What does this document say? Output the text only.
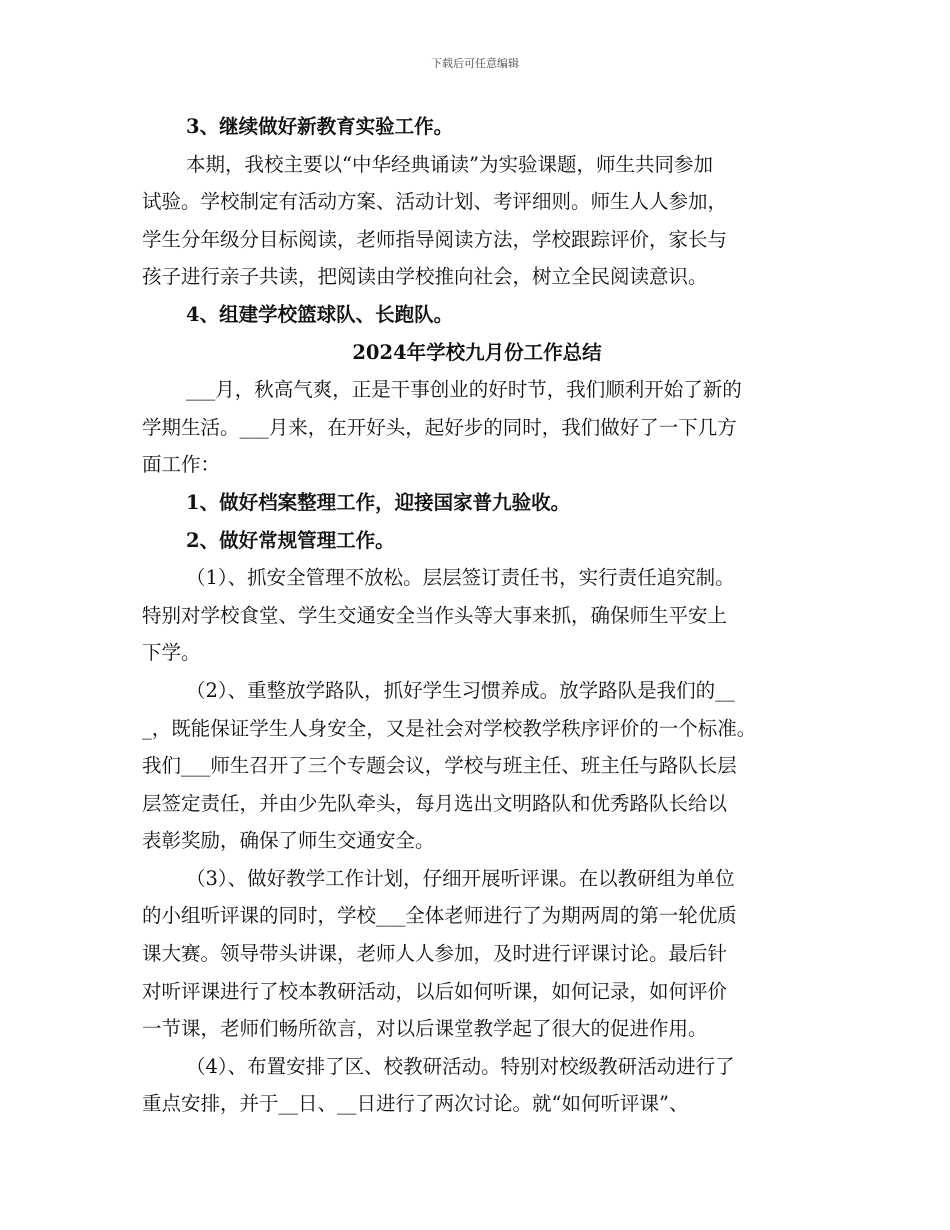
下载后可任意编辑
3、继续做好新教育实验工作。
本期，我校主要以“中华经典诵读”为实验课题，师生共同参加
试验。学校制定有活动方案、活动计划、考评细则。师生人人参加，
学生分年级分目标阅读，老师指导阅读方法，学校跟踪评价，家长与
孩子进行亲子共读，把阅读由学校推向社会，树立全民阅读意识。
4、组建学校篮球队、长跑队。
2024年学校九月份工作总结
___月，秋高气爽，正是干事创业的好时节，我们顺利开始了新的
学期生活。___月来，在开好头，起好步的同时，我们做好了一下几方
面工作：
1、做好档案整理工作，迎接国家普九验收。
2、做好常规管理工作。
（1）、抓安全管理不放松。层层签订责任书，实行责任追究制。
特别对学校食堂、学生交通安全当作头等大事来抓，确保师生平安上
下学。
（2）、重整放学路队，抓好学生习惯养成。放学路队是我们的__
_，既能保证学生人身安全，又是社会对学校教学秩序评价的一个标准。
我们___师生召开了三个专题会议，学校与班主任、班主任与路队长层
层签定责任，并由少先队牵头，每月选出文明路队和优秀路队长给以
表彰奖励，确保了师生交通安全。
（3）、做好教学工作计划，仔细开展听评课。在以教研组为单位
的小组听评课的同时，学校___全体老师进行了为期两周的第一轮优质
课大赛。领导带头讲课，老师人人参加，及时进行评课讨论。最后针
对听评课进行了校本教研活动，以后如何听课，如何记录，如何评价
一节课，老师们畅所欲言，对以后课堂教学起了很大的促进作用。
（4）、布置安排了区、校教研活动。特别对校级教研活动进行了
重点安排，并于__日、__日进行了两次讨论。就“如何听评课”、
